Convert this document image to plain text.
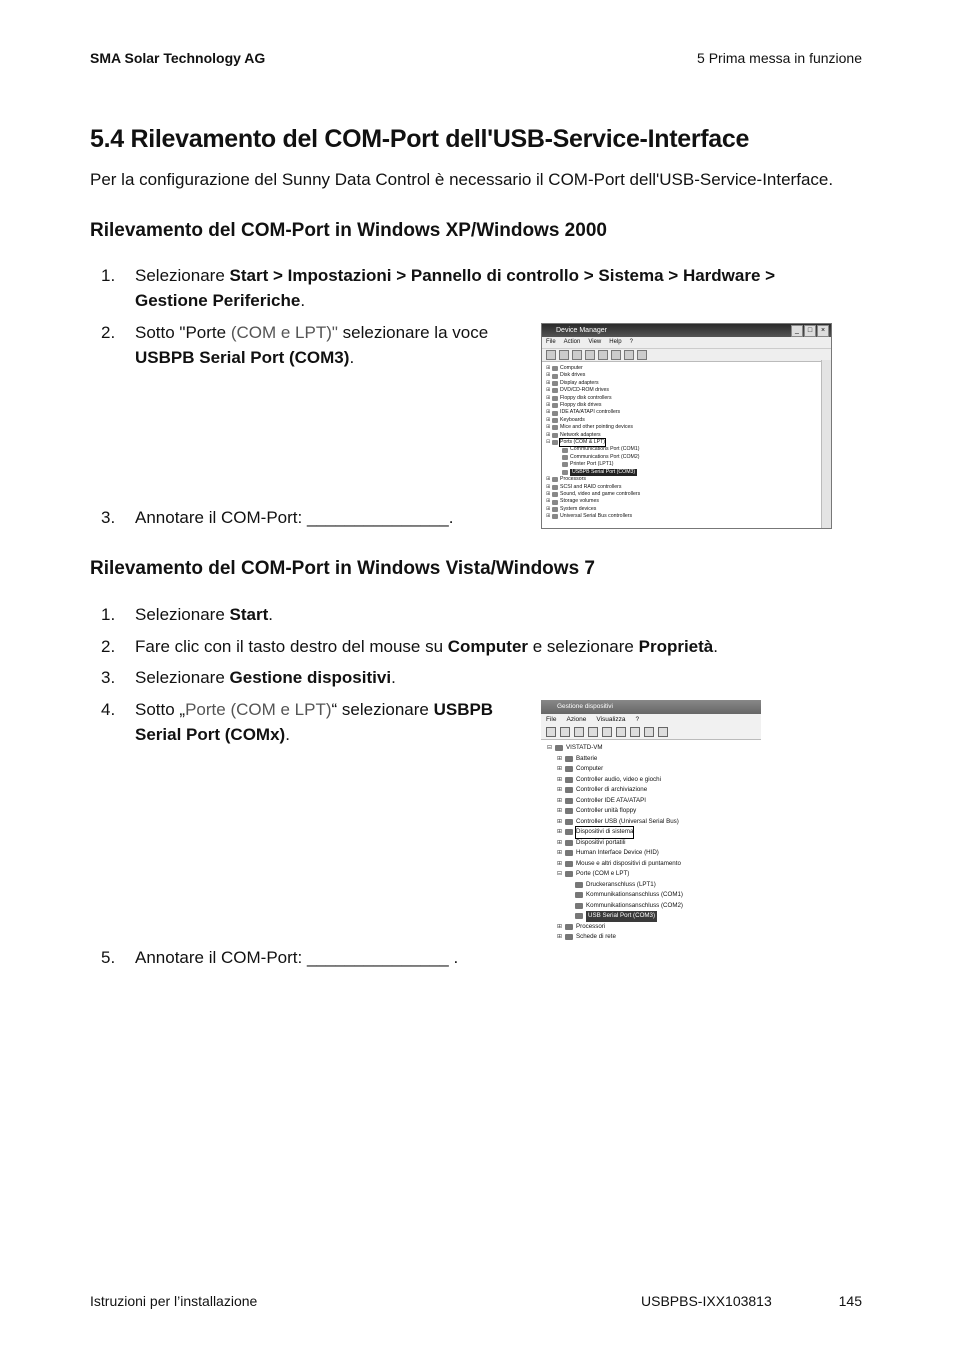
SMA Solar Technology AG	5 Prima messa in funzione
5.4 Rilevamento del COM-Port dell'USB-Service-Interface
Per la configurazione del Sunny Data Control è necessario il COM-Port dell'USB-Service-Interface.
Rilevamento del COM-Port in Windows XP/Windows 2000
1.	Selezionare Start > Impostazioni > Pannello di controllo > Sistema > Hardware >
Gestione Periferiche.
2.	Sotto "Porte (COM e LPT)" selezionare la voce
USBPB Serial Port (COM3).
3.	Annotare il COM-Port: _______________.
Device Manager	_	□	×
File Action View Help ?
⊞	Computer
⊞	Disk drives
⊞	Display adapters
⊞	DVD/CD-ROM drives
⊞	Floppy disk controllers
⊞	Floppy disk drives
⊞	IDE ATA/ATAPI controllers
⊞	Keyboards
⊞	Mice and other pointing devices
⊞	Network adapters
⊟	Ports (COM & LPT)
Communications Port (COM1)
Communications Port (COM2)
Printer Port (LPT1)
USBPB Serial Port (COM3)
⊞	Processors
⊞	SCSI and RAID controllers
⊞	Sound, video and game controllers
⊞	Storage volumes
⊞	System devices
⊞	Universal Serial Bus controllers
Rilevamento del COM-Port in Windows Vista/Windows 7
1.	Selezionare Start.
2.	Fare clic con il tasto destro del mouse su Computer e selezionare Proprietà.
3.	Selezionare Gestione dispositivi.
4.	Sotto „Porte (COM e LPT)“ selezionare USBPB
Serial Port (COMx).
5.	Annotare il COM-Port: _______________ .
Gestione dispositivi
File Azione Visualizza ?
⊟	VISTATD-VM
⊞	Batterie
⊞	Computer
⊞	Controller audio, video e giochi
⊞	Controller di archiviazione
⊞	Controller IDE ATA/ATAPI
⊞	Controller unità floppy
⊞	Controller USB (Universal Serial Bus)
⊞	Dispositivi di sistema
⊞	Dispositivi portatili
⊞	Human Interface Device (HID)
⊞	Mouse e altri dispositivi di puntamento
⊟	Porte (COM e LPT)
Druckeranschluss (LPT1)
Kommunikationsanschluss (COM1)
Kommunikationsanschluss (COM2)
USB Serial Port (COM3)
⊞	Processori
⊞	Schede di rete
Istruzioni per l’installazione	USBPBS-IXX103813	145
